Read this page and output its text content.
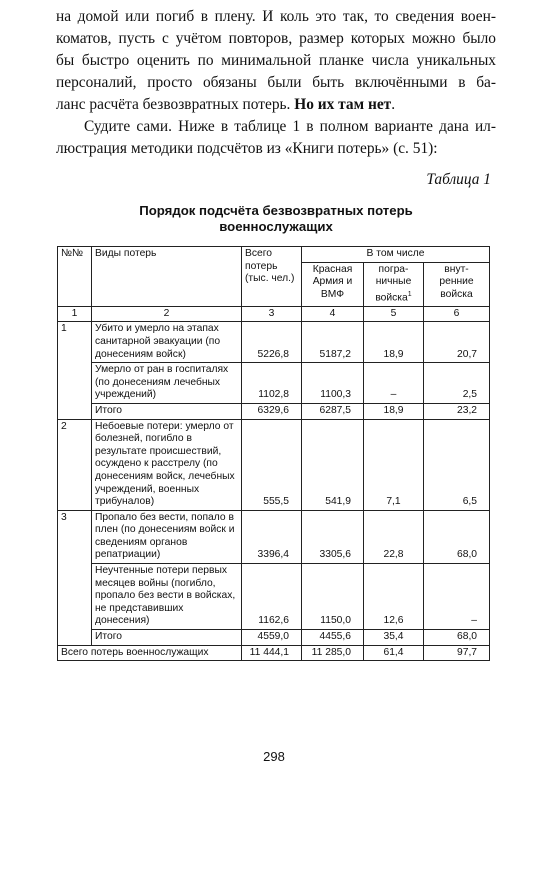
на домой или погиб в плену. И коль это так, то сведения воен-
коматов, пусть с учётом повторов, размер которых можно было
бы быстро оценить по минимальной планке числа уникальных
персоналий, просто обязаны были быть включёнными в ба-
ланс расчёта безвозвратных потерь. Но их там нет.

Судите сами. Ниже в таблице 1 в полном варианте дана ил-
люстрация методики подсчётов из «Книги потерь» (с. 51):

Таблица 1
Порядок подсчёта безвозвратных потерь
военнослужащих
№№	Виды потерь	Всего потерь (тыс. чел.)	В том числе		
			Красная Армия и ВМФ	погра- ничные войска$^1$	внут- ренние войска
1	2	3	4	5	6
1	Убито и умерло на этапах санитарной эвакуации (по донесениям войск)	5226,8	5187,2	18,9	20,7
	Умерло от ран в госпиталях (по донесениям лечебных учреждений)	1102,8	1100,3	–	2,5
	Итого	6329,6	6287,5	18,9	23,2
2	Небоевые потери: умерло от болезней, погибло в результате происшествий, осуждено к расстрелу (по донесениям войск, лечебных учреждений, военных трибуналов)	555,5	541,9	7,1	6,5
3	Пропало без вести, попало в плен (по донесениям войск и сведениям органов репатриации)	3396,4	3305,6	22,8	68,0
	Неучтенные потери первых месяцев войны (погибло, пропало без вести в войсках, не представивших донесения)	1162,6	1150,0	12,6	–
	Итого	4559,0	4455,6	35,4	68,0
Всего потерь военнослужащих		11 444,1	11 285,0	61,4	97,7
298
